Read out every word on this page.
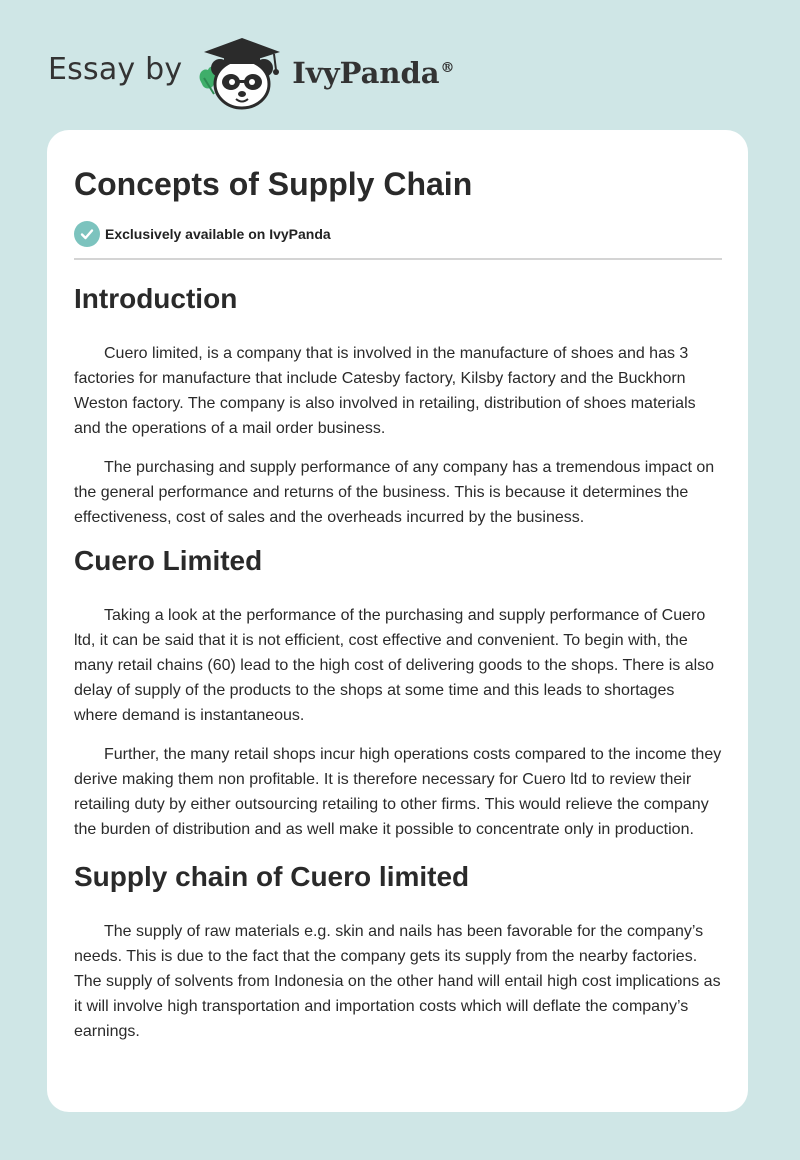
Essay by	IvyPanda®
Concepts of Supply Chain
Exclusively available on IvyPanda
Introduction

Cuero limited, is a company that is involved in the manufacture of shoes and has 3 factories for manufacture that include Catesby factory, Kilsby factory and the Buckhorn Weston factory. The company is also involved in retailing, distribution of shoes materials and the operations of a mail order business.

The purchasing and supply performance of any company has a tremendous impact on the general performance and returns of the business. This is because it determines the effectiveness, cost of sales and the overheads incurred by the business.

Cuero Limited

Taking a look at the performance of the purchasing and supply performance of Cuero ltd, it can be said that it is not efficient, cost effective and convenient. To begin with, the many retail chains (60) lead to the high cost of delivering goods to the shops. There is also delay of supply of the products to the shops at some time and this leads to shortages where demand is instantaneous.

Further, the many retail shops incur high operations costs compared to the income they derive making them non profitable. It is therefore necessary for Cuero ltd to review their retailing duty by either outsourcing retailing to other firms. This would relieve the company the burden of distribution and as well make it possible to concentrate only in production.

Supply chain of Cuero limited

The supply of raw materials e.g. skin and nails has been favorable for the company’s needs. This is due to the fact that the company gets its supply from the nearby factories. The supply of solvents from Indonesia on the other hand will entail high cost implications as it will involve high transportation and importation costs which will deflate the company’s earnings.
